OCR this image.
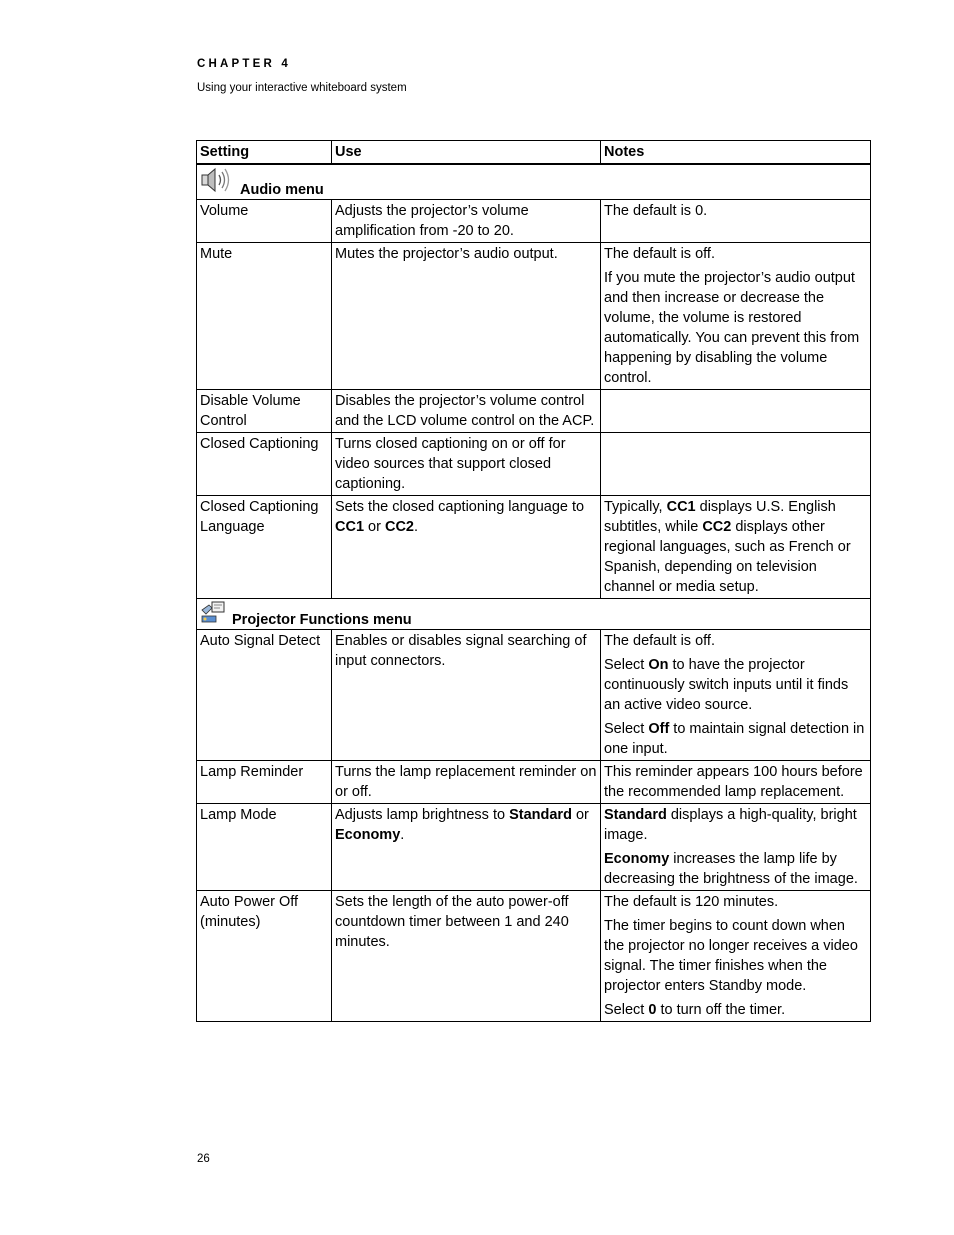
CHAPTER 4
Using your interactive whiteboard system
Setting	Use	Notes

Audio menu		

Volume	Adjusts the projector’s volume amplification from -20 to 20.	The default is 0.

Mute	Mutes the projector’s audio output.	The default is off.

If you mute the projector’s audio output and then increase or decrease the volume, the volume is restored automatically. You can prevent this from happening by disabling the volume control.

Disable Volume Control	Disables the projector’s volume control and the LCD volume control on the ACP.	
Closed Captioning	Turns closed captioning on or off for video sources that support closed captioning.	
Closed Captioning Language	Sets the closed captioning language to CC1 or CC2.	Typically, CC1 displays U.S. English subtitles, while CC2 displays other regional languages, such as French or Spanish, depending on television channel or media setup.

Projector Functions menu		

Auto Signal Detect	Enables or disables signal searching of input connectors.	The default is off.

Select On to have the projector continuously switch inputs until it finds an active video source.

Select Off to maintain signal detection in one input.

Lamp Reminder	Turns the lamp replacement reminder on or off.	This reminder appears 100 hours before the recommended lamp replacement.

Lamp Mode	Adjusts lamp brightness to Standard or Economy.	Standard displays a high-quality, bright image.

Economy increases the lamp life by decreasing the brightness of the image.

Auto Power Off (minutes)	Sets the length of the auto power-off countdown timer between 1 and 240 minutes.	The default is 120 minutes.

The timer begins to count down when the projector no longer receives a video signal. The timer finishes when the projector enters Standby mode.

Select 0 to turn off the timer.

26
